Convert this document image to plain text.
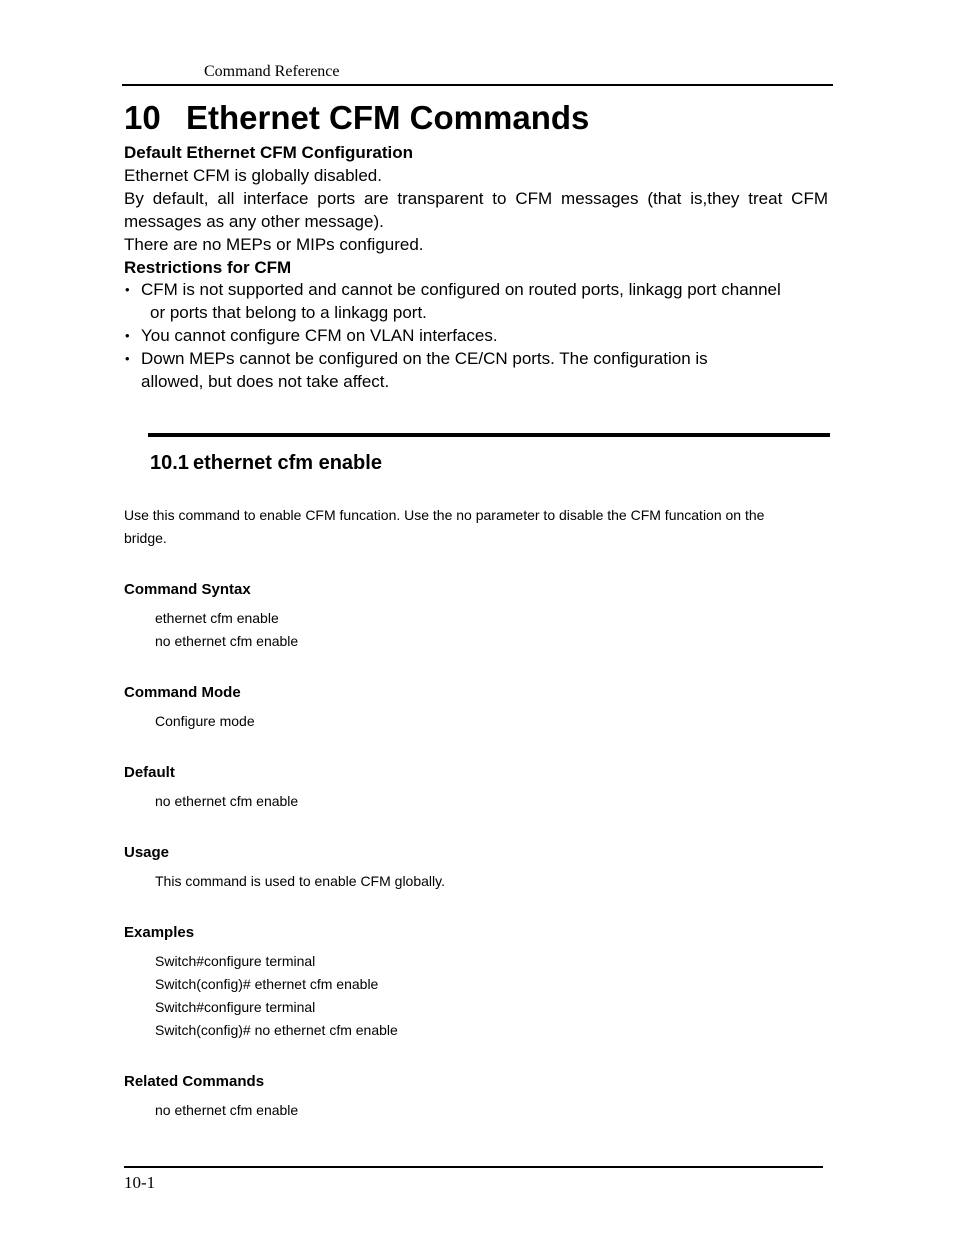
Command Reference
10 Ethernet CFM Commands
Default Ethernet CFM Configuration
Ethernet CFM is globally disabled.
By default, all interface ports are transparent to CFM messages (that is,they treat CFM messages as any other message).
There are no MEPs or MIPs configured.
Restrictions for CFM
• CFM is not supported and cannot be configured on routed ports, linkagg port channel
or ports that belong to a linkagg port.
• You cannot configure CFM on VLAN interfaces.
• Down MEPs cannot be configured on the CE/CN ports. The configuration is
allowed, but does not take affect.
10.1 ethernet cfm enable
Use this command to enable CFM funcation. Use the no parameter to disable the CFM funcation on the
bridge.
Command Syntax
ethernet cfm enable
no ethernet cfm enable
Command Mode
Configure mode
Default
no ethernet cfm enable
Usage
This command is used to enable CFM globally.
Examples
Switch#configure terminal
Switch(config)# ethernet cfm enable
Switch#configure terminal
Switch(config)# no ethernet cfm enable
Related Commands
no ethernet cfm enable
10-1
